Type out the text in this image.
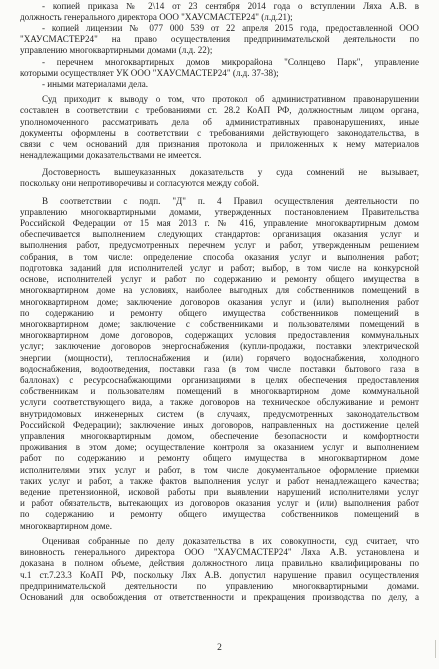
- копией приказа № 2\14 от 23 сентября 2014 года о вступлении Ляха А.В. в
должность генерального директора ООО "ХАУСМАСТЕР24" (л.д.21);
- копией лицензии № 077 000 539 от 22 апреля 2015 года, предоставленной ООО
"ХАУСМАСТЕР24" на право осуществления предпринимательской деятельности по
управлению многоквартирными домами (л.д. 22);
- перечнем многоквартирных домов микрорайона "Солнцево Парк", управление
которыми осуществляет УК ООО "ХАУСМАСТЕР24" (л.д. 37-38);
- иными материалами дела.
Суд приходит к выводу о том, что протокол об административном правонарушении
составлен в соответствии с требованиями ст. 28.2 КоАП РФ, должностным лицом органа,
уполномоченного рассматривать дела об административных правонарушениях, иные
документы оформлены в соответствии с требованиями действующего законодательства, в
связи с чем оснований для признания протокола и приложенных к нему материалов
ненадлежащими доказательствами не имеется.
Достоверность вышеуказанных доказательств у суда сомнений не вызывает,
поскольку они непротиворечивы и согласуются между собой.
В соответствии с подп. "Д" п. 4 Правил осуществления деятельности по
управлению многоквартирными домами, утвержденных постановлением Правительства
Российской Федерации от 15 мая 2013 г. № 416, управление многоквартирным домом
обеспечивается выполнением следующих стандартов: организация оказания услуг и
выполнения работ, предусмотренных перечнем услуг и работ, утвержденным решением
собрания, в том числе: определение способа оказания услуг и выполнения работ;
подготовка заданий для исполнителей услуг и работ; выбор, в том числе на конкурсной
основе, исполнителей услуг и работ по содержанию и ремонту общего имущества в
многоквартирном доме на условиях, наиболее выгодных для собственников помещений в
многоквартирном доме; заключение договоров оказания услуг и (или) выполнения работ
по содержанию и ремонту общего имущества собственников помещений в
многоквартирном доме; заключение с собственниками и пользователями помещений в
многоквартирном доме договоров, содержащих условия предоставления коммунальных
услуг; заключение договоров энергоснабжения (купли-продажи, поставки электрической
энергии (мощности), теплоснабжения и (или) горячего водоснабжения, холодного
водоснабжения, водоотведения, поставки газа (в том числе поставки бытового газа в
баллонах) с ресурсоснабжающими организациями в целях обеспечения предоставления
собственникам и пользователям помещений в многоквартирном доме коммунальной
услуги соответствующего вида, а также договоров на техническое обслуживание и ремонт
внутридомовых инженерных систем (в случаях, предусмотренных законодательством
Российской Федерации); заключение иных договоров, направленных на достижение целей
управления многоквартирным домом, обеспечение безопасности и комфортности
проживания в этом доме; осуществление контроля за оказанием услуг и выполнением
работ по содержанию и ремонту общего имущества в многоквартирном доме
исполнителями этих услуг и работ, в том числе документальное оформление приемки
таких услуг и работ, а также фактов выполнения услуг и работ ненадлежащего качества;
ведение претензионной, исковой работы при выявлении нарушений исполнителями услуг
и работ обязательств, вытекающих из договоров оказания услуг и (или) выполнения работ
по содержанию и ремонту общего имущества собственников помещений в
многоквартирном доме.
Оценивая собранные по делу доказательства в их совокупности, суд считает, что
виновность генерального директора ООО "ХАУСМАСТЕР24" Ляха А.В. установлена и
доказана в полном объеме, действия должностного лица правильно квалифицированы по
ч.1 ст.7.23.3 КоАП РФ, поскольку Лях А.В. допустил нарушение правил осуществления
предпринимательской деятельности по управлению многоквартирными домами.
Оснований для освобождения от ответственности и прекращения производства по делу, а
2
